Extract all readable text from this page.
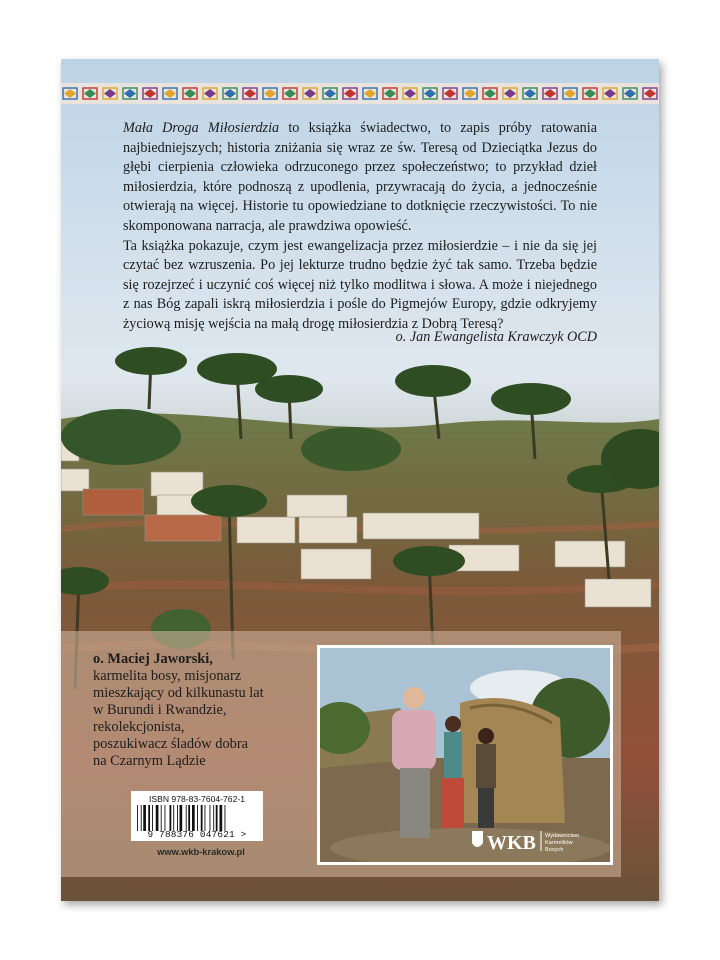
Mała Droga Miłosierdzia to książka świadectwo, to zapis próby ratowania najbiedniejszych; historia zniżania się wraz ze św. Teresą od Dzieciątka Jezus do głębi cierpienia człowieka odrzuconego przez społeczeństwo; to przykład dzieł miłosierdzia, które podnoszą z upodlenia, przywracają do życia, a jednocześnie otwierają na więcej. Historie tu opowiedziane to dotknięcie rzeczywistości. To nie skomponowana narracja, ale prawdziwa opowieść.

Ta książka pokazuje, czym jest ewangelizacja przez miłosierdzie – i nie da się jej czytać bez wzruszenia. Po jej lekturze trudno będzie żyć tak samo. Trzeba będzie się rozejrzeć i uczynić coś więcej niż tylko modlitwa i słowa. A może i niejednego z nas Bóg zapali iskrą miłosierdzia i pośle do Pigmejów Europy, gdzie odkryjemy życiową misję wejścia na małą drogę miłosierdzia z Dobrą Teresą?

o. Jan Ewangelista Krawczyk OCD
o. Maciej Jaworski,
karmelita bosy, misjonarz
mieszkający od kilkunastu lat
w Burundi i Rwandzie,
rekolekcjonista,
poszukiwacz śladów dobra
na Czarnym Lądzie
ISBN 978-83-7604-762-1
9 788376 047621 >
www.wkb-krakow.pl	WKB Wydawnictwo
Karmelitów
Bosych
